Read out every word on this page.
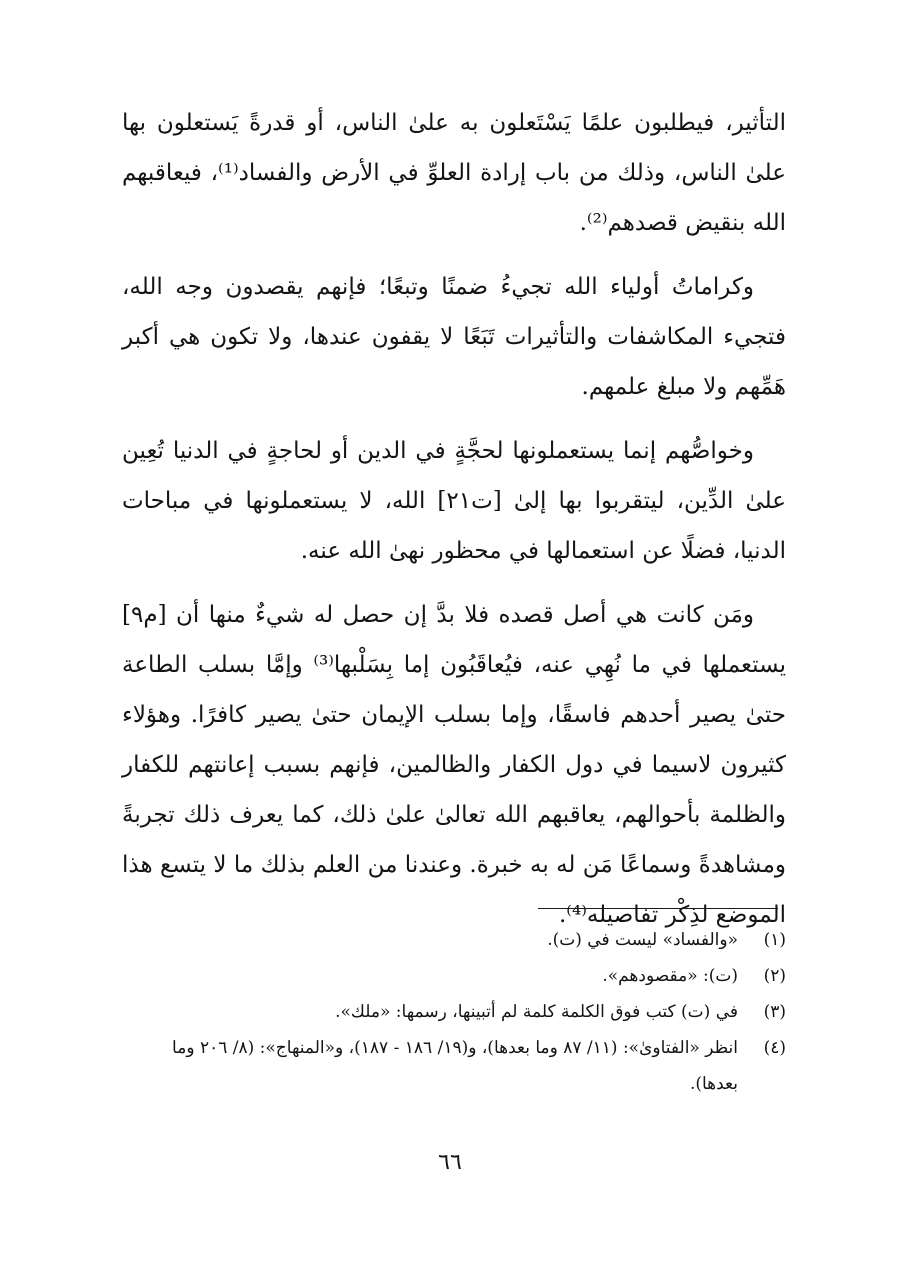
التأثير، فيطلبون علمًا يَسْتَعلون به علىٰ الناس، أو قدرةً يَستعلون بها علىٰ الناس، وذلك من باب إرادة العلوِّ في الأرض والفساد⁽¹⁾، فيعاقبهم الله بنقيض قصدهم⁽²⁾.

وكراماتُ أولياء الله تجيءُ ضمنًا وتبعًا؛ فإنهم يقصدون وجه الله، فتجيء المكاشفات والتأثيرات تَبَعًا لا يقفون عندها، ولا تكون هي أكبر هَمِّهم ولا مبلغ علمهم.

وخواصُّهم إنما يستعملونها لحجَّةٍ في الدين أو لحاجةٍ في الدنيا تُعِين علىٰ الدِّين، ليتقربوا بها إلىٰ [ت٢١] الله، لا يستعملونها في مباحات الدنيا، فضلًا عن استعمالها في محظور نهىٰ الله عنه.

ومَن كانت هي أصل قصده فلا بدَّ إن حصل له شيءٌ منها أن [م٩] يستعملها في ما نُهِي عنه، فيُعاقَبُون إما بِسَلْبها⁽³⁾ وإمَّا بسلب الطاعة حتىٰ يصير أحدهم فاسقًا، وإما بسلب الإيمان حتىٰ يصير كافرًا. وهؤلاء كثيرون لاسيما في دول الكفار والظالمين، فإنهم بسبب إعانتهم للكفار والظلمة بأحوالهم، يعاقبهم الله تعالىٰ علىٰ ذلك، كما يعرف ذلك تجربةً ومشاهدةً وسماعًا مَن له به خبرة. وعندنا من العلم بذلك ما لا يتسع هذا الموضع لذِكْر تفاصيله⁽⁴⁾.

(١)
«والفساد» ليست في (ت).
(٢)
(ت): «مقصودهم».
(٣)
في (ت) كتب فوق الكلمة كلمة لم أتبينها، رسمها: «ملك».
(٤)
انظر «الفتاوىٰ»: (١١/ ٨٧ وما بعدها)، و(١٩/ ١٨٦ - ١٨٧)، و«المنهاج»: (٨/ ٢٠٦ وما بعدها).
٦٦
